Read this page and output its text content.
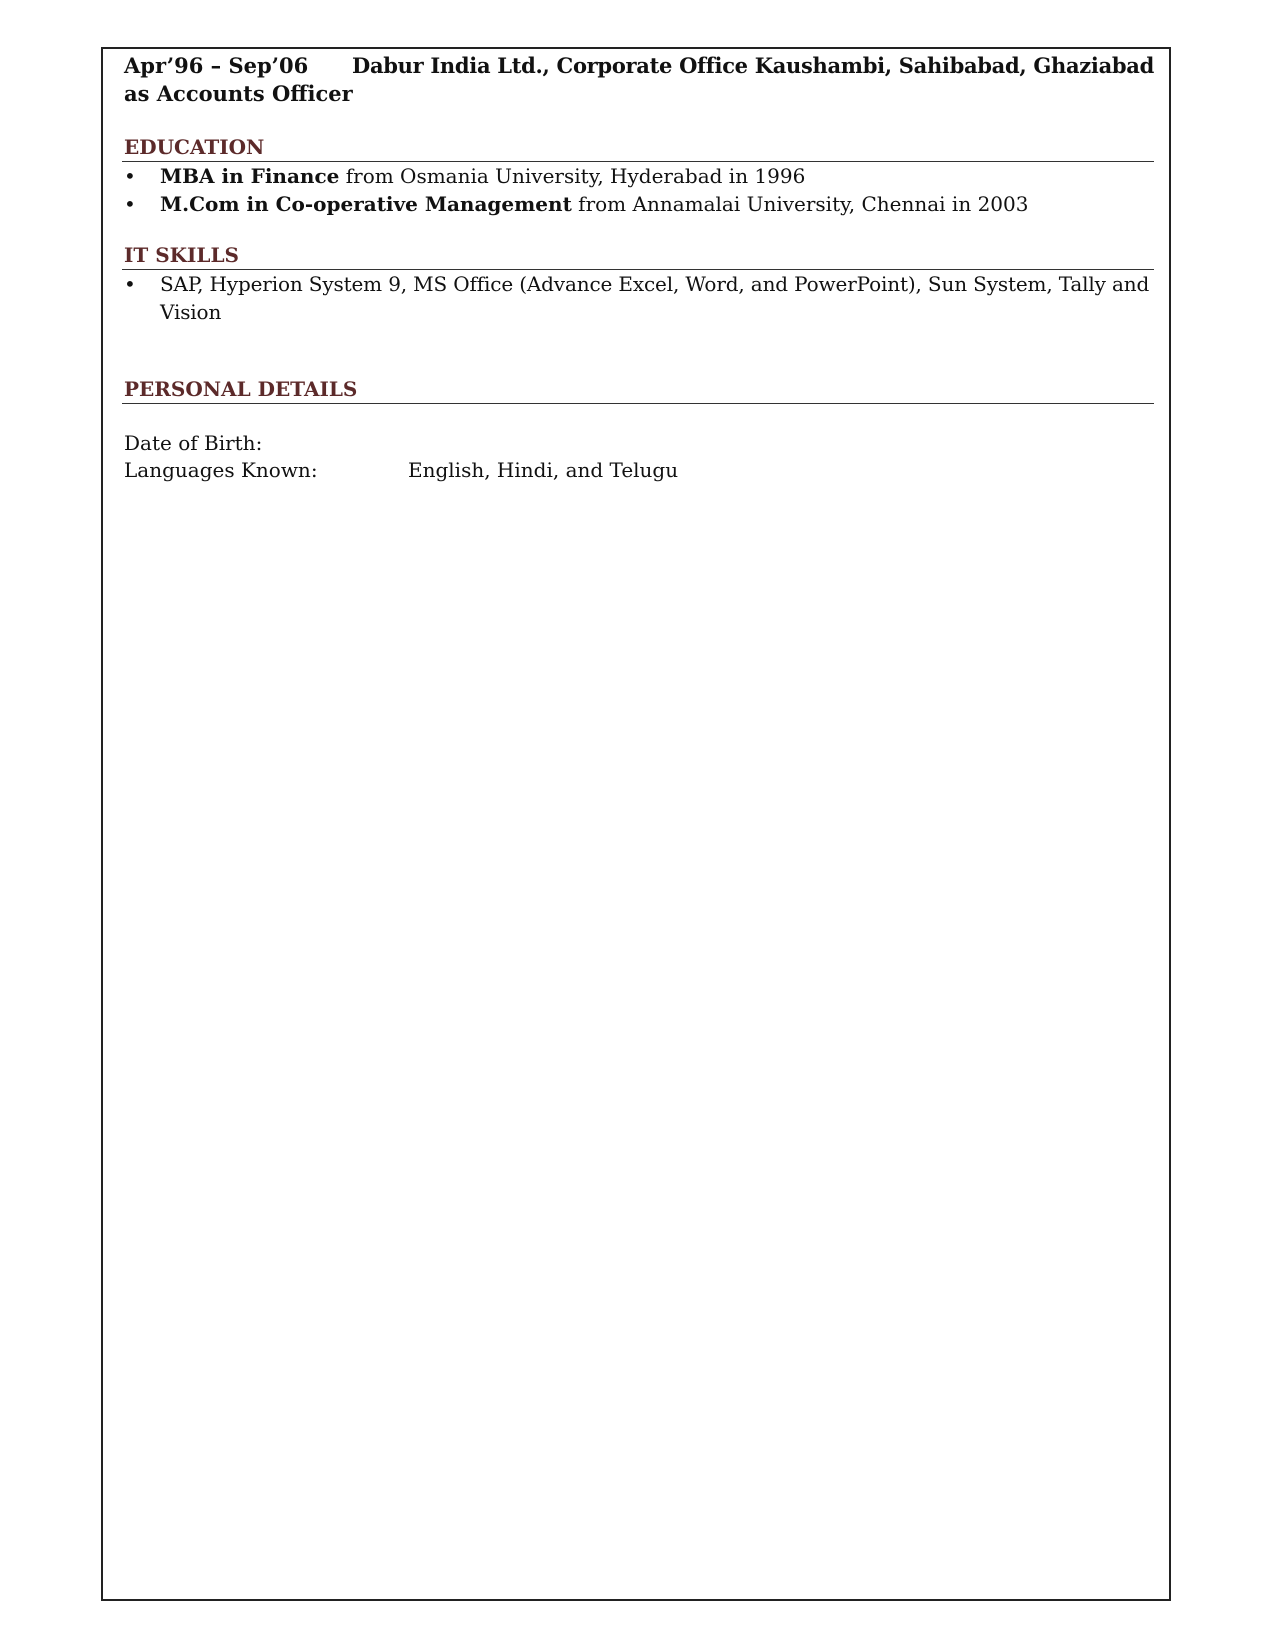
Apr’96 – Sep’06 Dabur India Ltd., Corporate Office Kaushambi, Sahibabad, Ghaziabad
as Accounts Officer
EDUCATION
•	MBA in Finance from Osmania University, Hyderabad in 1996
•	M.Com in Co-operative Management from Annamalai University, Chennai in 2003
IT SKILLS
•	SAP, Hyperion System 9, MS Office (Advance Excel, Word, and PowerPoint), Sun System, Tally and Vision
PERSONAL DETAILS
Date of Birth:
Languages Known:	English, Hindi, and Telugu
